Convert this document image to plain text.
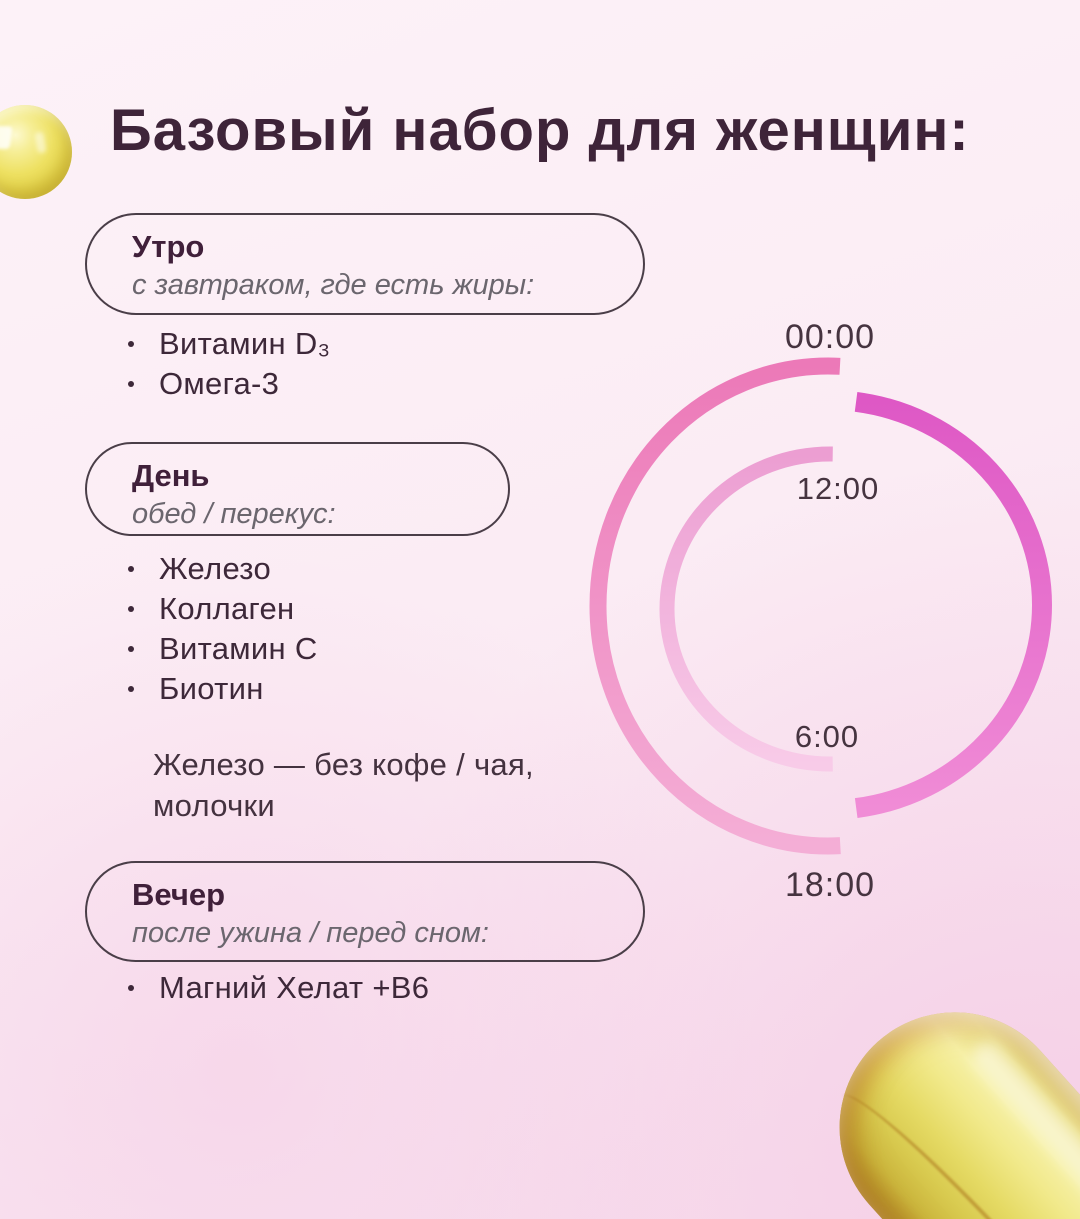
Базовый набор для женщин:
Утро
с завтраком, где есть жиры:
Витамин D₃
Омега-3
День
обед / перекус:
Железо
Коллаген
Витамин C
Биотин
Железо — без кофе / чая, молочки
Вечер
после ужина / перед сном:
Магний Хелат +B6
00:00
12:00
6:00
18:00
